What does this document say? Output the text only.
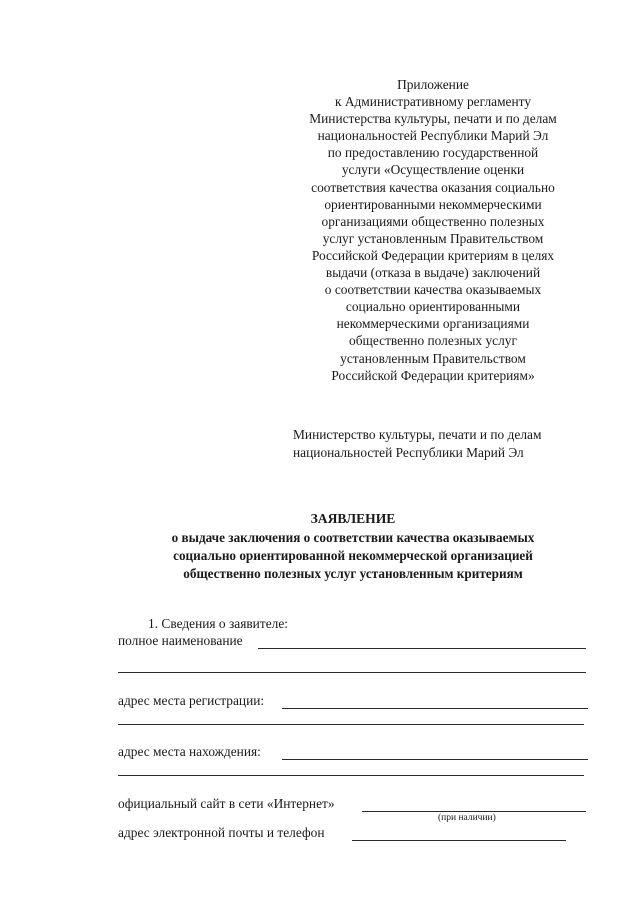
Приложение
к Административному регламенту
Министерства культуры, печати и по делам
национальностей Республики Марий Эл
по предоставлению государственной
услуги «Осуществление оценки
соответствия качества оказания социально
ориентированными некоммерческими
организациями общественно полезных
услуг установленным Правительством
Российской Федерации критериям в целях
выдачи (отказа в выдаче) заключений
о соответствии качества оказываемых
социально ориентированными
некоммерческими организациями
общественно полезных услуг
установленным Правительством
Российской Федерации критериям»
Министерство культуры, печати и по делам
национальностей Республики Марий Эл
ЗАЯВЛЕНИЕ
о выдаче заключения о соответствии качества оказываемых
социально ориентированной некоммерческой организацией
общественно полезных услуг установленным критериям
1. Сведения о заявителе:
полное наименование
адрес места регистрации:
адрес места нахождения:
официальный сайт в сети «Интернет»
(при наличии)
адрес электронной почты и телефон
